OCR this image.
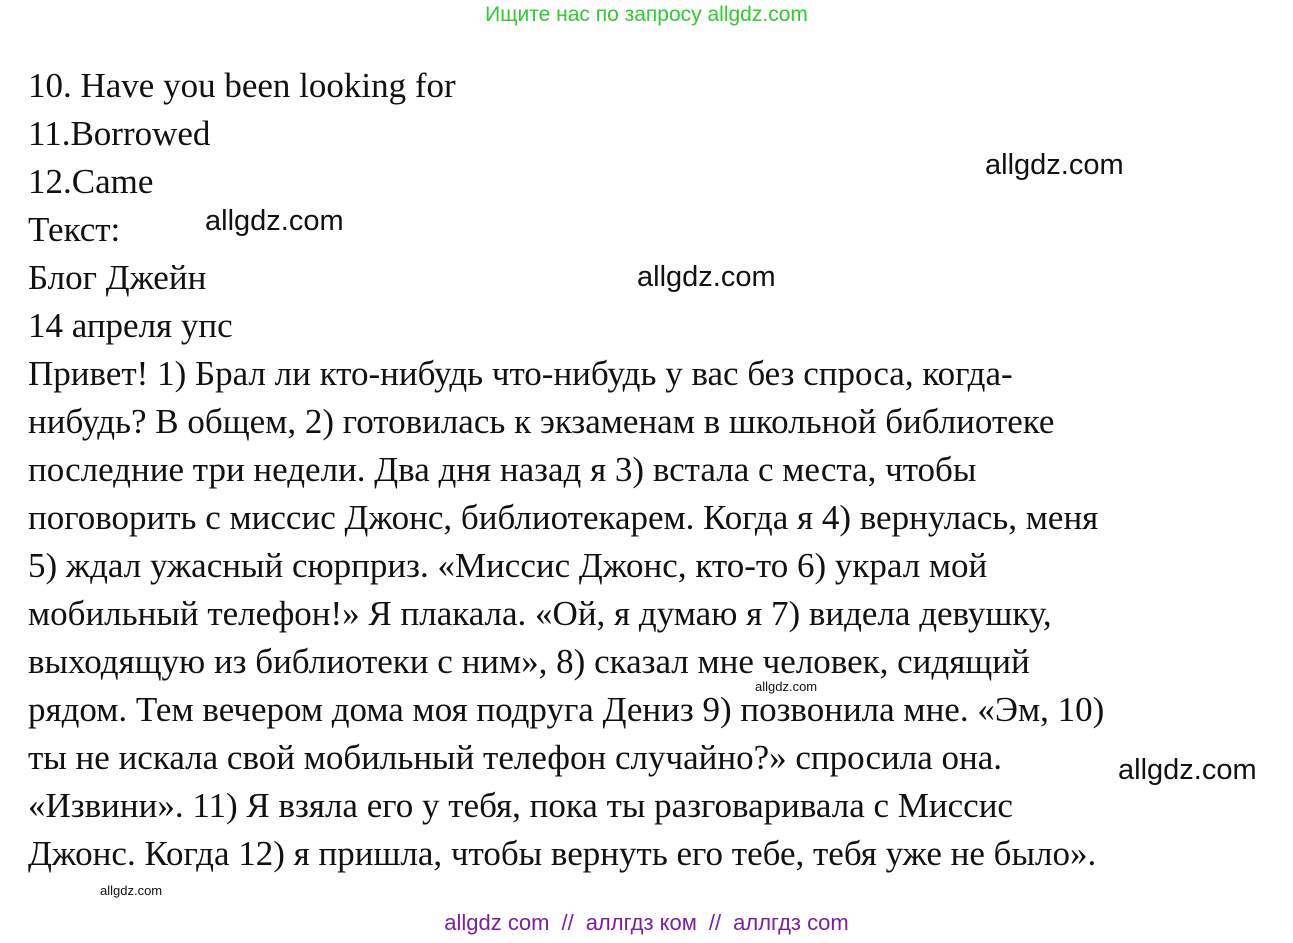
Ищите нас по запросу allgdz.com
10. Have you been looking for
11.Borrowed
12.Came
Текст:
Блог Джейн
14 апреля упс
Привет! 1) Брал ли кто-нибудь что-нибудь у вас без спроса, когда-
нибудь? В общем, 2) готовилась к экзаменам в школьной библиотеке
последние три недели. Два дня назад я 3) встала с места, чтобы
поговорить с миссис Джонс, библиотекарем. Когда я 4) вернулась, меня
5) ждал ужасный сюрприз. «Миссис Джонс, кто-то 6) украл мой
мобильный телефон!» Я плакала. «Ой, я думаю я 7) видела девушку,
выходящую из библиотеки с ним», 8) сказал мне человек, сидящий
рядом. Тем вечером дома моя подруга Дениз 9) позвонила мне. «Эм, 10)
ты не искала свой мобильный телефон случайно?» спросила она.
«Извини». 11) Я взяла его у тебя, пока ты разговаривала с Миссис
Джонс. Когда 12) я пришла, чтобы вернуть его тебе, тебя уже не было».
allgdz.com
allgdz.com
allgdz.com
allgdz.com
allgdz.com
allgdz.com
allgdz com // аллгдз ком // аллгдз com
